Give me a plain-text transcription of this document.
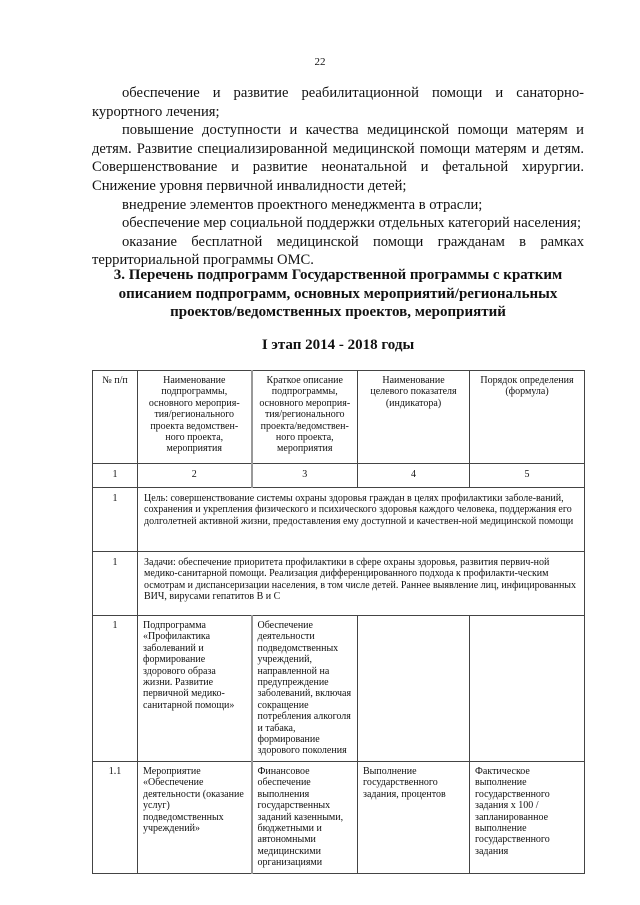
22

обеспечение и развитие реабилитационной помощи и санаторно-курортного лечения;

повышение доступности и качества медицинской помощи матерям и детям. Развитие специализированной медицинской помощи матерям и детям. Совершенствование и развитие неонатальной и фетальной хирургии. Снижение уровня первичной инвалидности детей;

внедрение элементов проектного менеджмента в отрасли;

обеспечение мер социальной поддержки отдельных категорий населения;

оказание бесплатной медицинской помощи гражданам в рамках территориальной программы ОМС.

3. Перечень подпрограмм Государственной программы с кратким описанием подпрограмм, основных мероприятий/региональных проектов/ведомственных проектов, мероприятий
I этап 2014 - 2018 годы
№ п/п	Наименование подпрограммы, основного мероприя-тия/регионального проекта ведомствен-ного проекта, мероприятия	Краткое описание подпрограммы, основного мероприя-тия/регионального проекта/ведомствен-ного проекта, мероприятия	Наименование целевого показателя (индикатора)	Порядок определения (формула)
1	2	3	4	5
1	Цель: совершенствование системы охраны здоровья граждан в целях профилактики заболе-ваний, сохранения и укрепления физического и психического здоровья каждого человека, поддержания его долголетней активной жизни, предоставления ему доступной и качествен-ной медицинской помощи			
1	Задачи: обеспечение приоритета профилактики в сфере охраны здоровья, развития первич-ной медико-санитарной помощи. Реализация дифференцированного подхода к профилакти-ческим осмотрам и диспансеризации населения, в том числе детей. Раннее выявление лиц, инфицированных ВИЧ, вирусами гепатитов В и С			
1	Подпрограмма «Профилактика заболеваний и формирование здорового образа жизни. Развитие первичной медико-санитарной помощи»	Обеспечение деятельности подведомственных учреждений, направленной на предупреждение заболеваний, включая сокращение потребления алкоголя и табака, формирование здорового поколения		
1.1	Мероприятие «Обеспечение деятельности (оказание услуг) подведомственных учреждений»	Финансовое обеспечение выполнения государственных заданий казенными, бюджетными и автономными медицинскими организациями	Выполнение государственного задания, процентов	Фактическое выполнение государственного задания x 100 / запланированное выполнение государственного задания
